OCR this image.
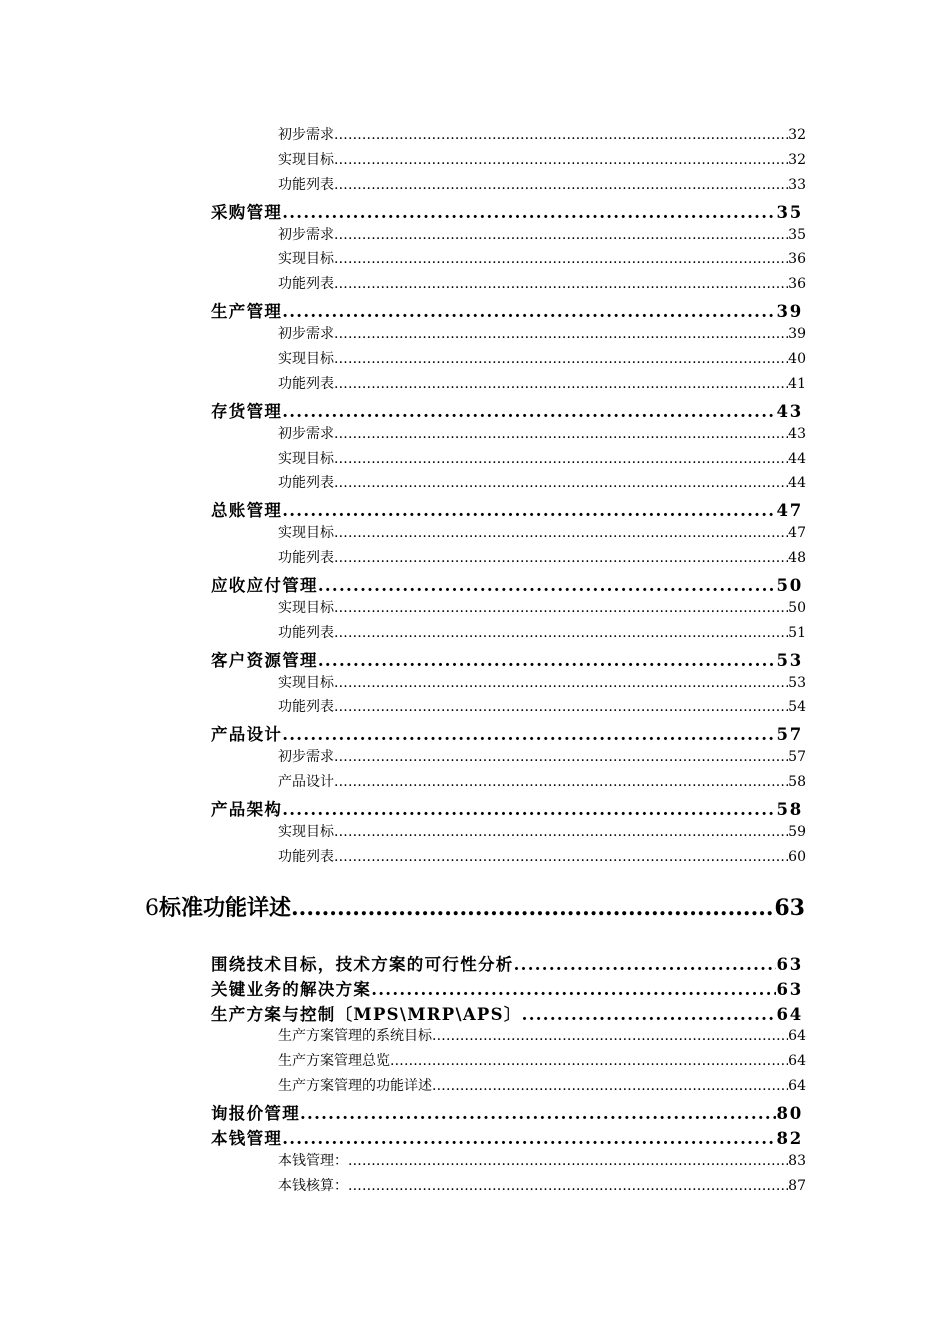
初步需求 .....	32
实现目标 .....	32
功能列表 .....	33
采购管理 .....	35
初步需求 .....	35
实现目标 .....	36
功能列表 .....	36
生产管理 .....	39
初步需求 .....	39
实现目标 .....	40
功能列表 .....	41
存货管理 .....	43
初步需求 .....	43
实现目标 .....	44
功能列表 .....	44
总账管理 .....	47
实现目标 .....	47
功能列表 .....	48
应收应付管理 .....	50
实现目标 .....	50
功能列表 .....	51
客户资源管理 .....	53
实现目标 .....	53
功能列表 .....	54
产品设计 .....	57
初步需求 .....	57
产品设计 .....	58
产品架构 .....	58
实现目标 .....	59
功能列表 .....	60
6 标准功能详述 .....	63
围绕技术目标，技术方案的可行性分析 .....	63
关键业务的解决方案 .....	63
生产方案与控制〔MPS\MRP\APS〕 .....	64
生产方案管理的系统目标 .....	64
生产方案管理总览 .....	64
生产方案管理的功能详述 .....	64
询报价管理 .....	80
本钱管理 .....	82
本钱管理： .....	83
本钱核算： .....	87
